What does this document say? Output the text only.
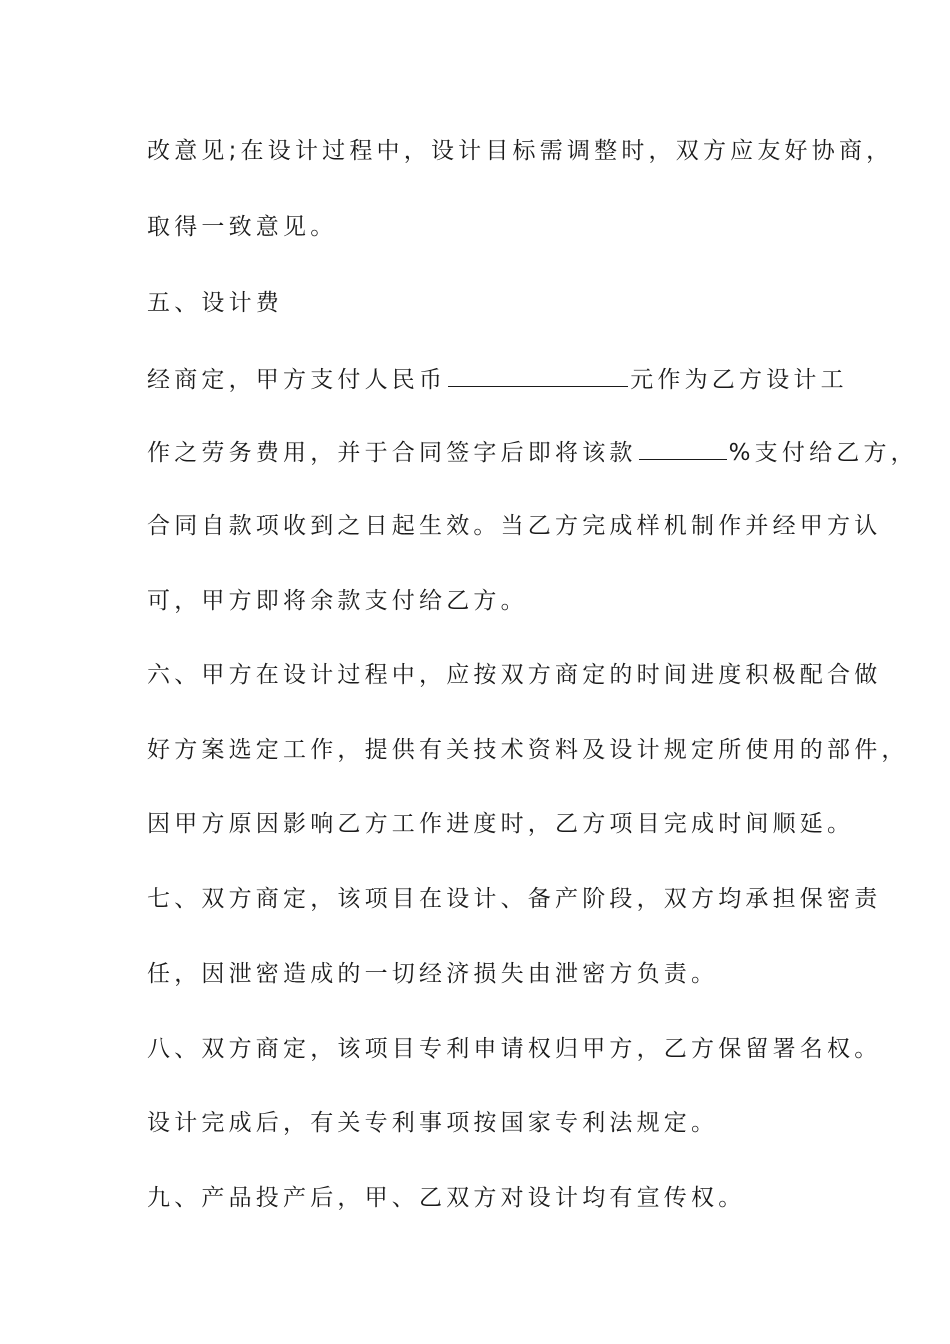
改意见;在设计过程中，设计目标需调整时，双方应友好协商，
取得一致意见。
五、设计费
经商定，甲方支付人民币	元作为乙方设计工
作之劳务费用，并于合同签字后即将该款	%支付给乙方，
合同自款项收到之日起生效。当乙方完成样机制作并经甲方认
可，甲方即将余款支付给乙方。
六、甲方在设计过程中，应按双方商定的时间进度积极配合做
好方案选定工作，提供有关技术资料及设计规定所使用的部件，
因甲方原因影响乙方工作进度时，乙方项目完成时间顺延。
七、双方商定，该项目在设计、备产阶段，双方均承担保密责
任，因泄密造成的一切经济损失由泄密方负责。
八、双方商定，该项目专利申请权归甲方，乙方保留署名权。
设计完成后，有关专利事项按国家专利法规定。
九、产品投产后，甲、乙双方对设计均有宣传权。
